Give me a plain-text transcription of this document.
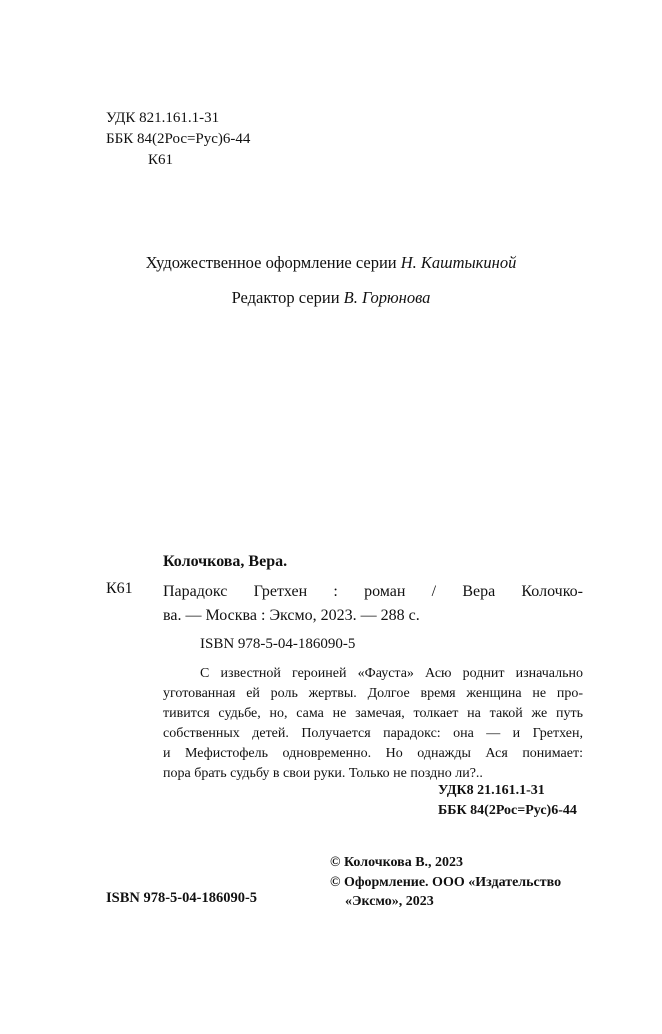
УДК 821.161.1-31
ББК 84(2Рос=Рус)6-44
К61
Художественное оформление серии Н. Каштыкиной
Редактор серии В. Горюнова
Колочкова, Вера.
К61 Парадокс Гретхен : роман / Вера Колочко-
ва. — Москва : Эксмо, 2023. — 288 с.
ISBN 978-5-04-186090-5
С известной героиней «Фауста» Асю роднит изначально
уготованная ей роль жертвы. Долгое время женщина не про-
тивится судьбе, но, сама не замечая, толкает на такой же путь
собственных детей. Получается парадокс: она — и Гретхен,
и Мефистофель одновременно. Но однажды Ася понимает:
пора брать судьбу в свои руки. Только не поздно ли?..
УДК8 21.161.1-31
ББК 84(2Рос=Рус)6-44
© Колочкова В., 2023
© Оформление. ООО «Издательство
«Эксмо», 2023
ISBN 978-5-04-186090-5
